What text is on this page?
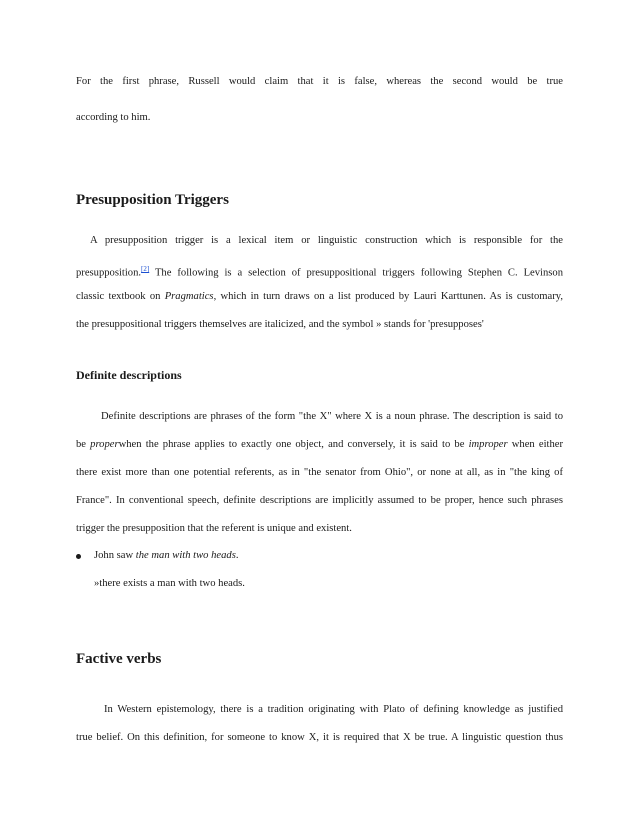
For the first phrase, Russell would claim that it is false, whereas the second would be true
according to him.
Presupposition Triggers
A presupposition trigger is a lexical item or linguistic construction which is responsible for the
presupposition.[2] The following is a selection of presuppositional triggers following Stephen C. Levinson
classic textbook on Pragmatics, which in turn draws on a list produced by Lauri Karttunen. As is customary,
the presuppositional triggers themselves are italicized, and the symbol » stands for 'presupposes'
Definite descriptions
Definite descriptions are phrases of the form "the X" where X is a noun phrase. The description is said to
be properwhen the phrase applies to exactly one object, and conversely, it is said to be improper when either
there exist more than one potential referents, as in "the senator from Ohio", or none at all, as in "the king of
France". In conventional speech, definite descriptions are implicitly assumed to be proper, hence such phrases
trigger the presupposition that the referent is unique and existent.
John saw the man with two heads.
»there exists a man with two heads.
Factive verbs
In Western epistemology, there is a tradition originating with Plato of defining knowledge as justified
true belief. On this definition, for someone to know X, it is required that X be true. A linguistic question thus
